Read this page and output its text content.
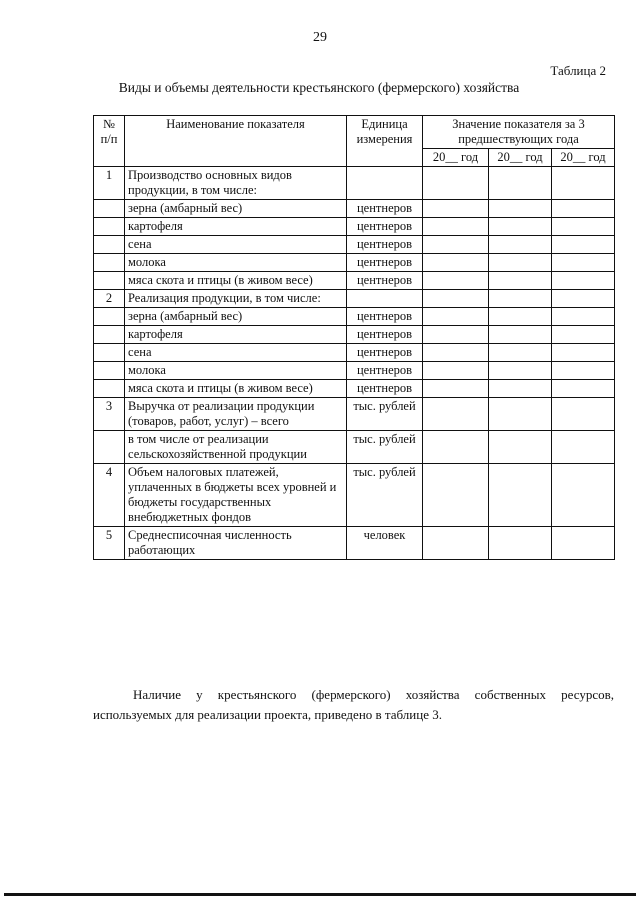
29
Таблица 2
Виды и объемы деятельности крестьянского (фермерского) хозяйства
№ п/п	Наименование показателя	Единица измерения	Значение показателя за 3 предшествующих года		
			20__ год	20__ год	20__ год
1	Производство основных видов продукции, в том числе:				
	зерна (амбарный вес)	центнеров			
	картофеля	центнеров			
	сена	центнеров			
	молока	центнеров			
	мяса скота и птицы (в живом весе)	центнеров			
2	Реализация продукции, в том числе:				
	зерна (амбарный вес)	центнеров			
	картофеля	центнеров			
	сена	центнеров			
	молока	центнеров			
	мяса скота и птицы (в живом весе)	центнеров			
3	Выручка от реализации продукции (товаров, работ, услуг) – всего	тыс. рублей			
	в том числе от реализации сельскохозяйственной продукции	тыс. рублей			
4	Объем налоговых платежей, уплаченных в бюджеты всех уровней и бюджеты государственных внебюджетных фондов	тыс. рублей			
5	Среднесписочная численность работающих	человек			

Наличие у крестьянского (фермерского) хозяйства собственных ресурсов, используемых для реализации проекта, приведено в таблице 3.
